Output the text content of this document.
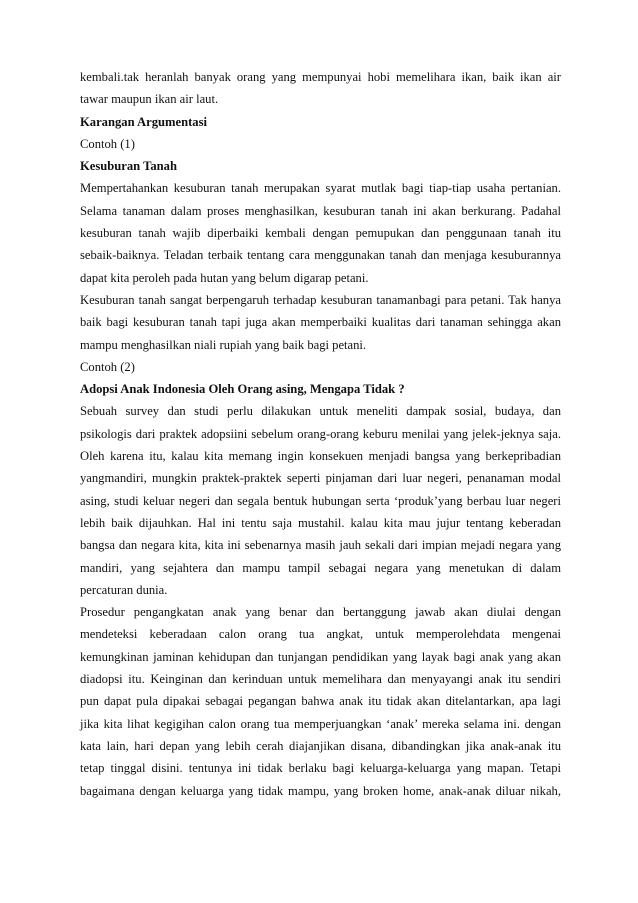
kembali.tak heranlah banyak orang yang mempunyai hobi memelihara ikan, baik ikan air
tawar maupun ikan air laut.
Karangan Argumentasi
Contoh (1)
Kesuburan Tanah
Mempertahankan kesuburan tanah merupakan syarat mutlak bagi tiap-tiap usaha pertanian.
Selama tanaman dalam proses menghasilkan, kesuburan tanah ini akan berkurang. Padahal
kesuburan tanah wajib diperbaiki kembali dengan pemupukan dan penggunaan tanah itu
sebaik-baiknya. Teladan terbaik tentang cara menggunakan tanah dan menjaga kesuburannya
dapat kita peroleh pada hutan yang belum digarap petani.
Kesuburan tanah sangat berpengaruh terhadap kesuburan tanamanbagi para petani. Tak hanya
baik bagi kesuburan tanah tapi juga akan memperbaiki kualitas dari tanaman sehingga akan
mampu menghasilkan niali rupiah yang baik bagi petani.
Contoh (2)
Adopsi Anak Indonesia Oleh Orang asing, Mengapa Tidak ?
Sebuah survey dan studi perlu dilakukan untuk meneliti dampak sosial, budaya, dan
psikologis dari praktek adopsiini sebelum orang-orang keburu menilai yang jelek-jeknya saja.
Oleh karena itu, kalau kita memang ingin konsekuen menjadi bangsa yang berkepribadian
yangmandiri, mungkin praktek-praktek seperti pinjaman dari luar negeri, penanaman modal
asing, studi keluar negeri dan segala bentuk hubungan serta ‘produk’yang berbau luar negeri
lebih baik dijauhkan. Hal ini tentu saja mustahil. kalau kita mau jujur tentang keberadan
bangsa dan negara kita, kita ini sebenarnya masih jauh sekali dari impian mejadi negara yang
mandiri, yang sejahtera dan mampu tampil sebagai negara yang menetukan di dalam
percaturan dunia.
Prosedur pengangkatan anak yang benar dan bertanggung jawab akan diulai dengan
mendeteksi keberadaan calon orang tua angkat, untuk memperolehdata mengenai
kemungkinan jaminan kehidupan dan tunjangan pendidikan yang layak bagi anak yang akan
diadopsi itu. Keinginan dan kerinduan untuk memelihara dan menyayangi anak itu sendiri
pun dapat pula dipakai sebagai pegangan bahwa anak itu tidak akan ditelantarkan, apa lagi
jika kita lihat kegigihan calon orang tua memperjuangkan ‘anak’ mereka selama ini. dengan
kata lain, hari depan yang lebih cerah diajanjikan disana, dibandingkan jika anak-anak itu
tetap tinggal disini. tentunya ini tidak berlaku bagi keluarga-keluarga yang mapan. Tetapi
bagaimana dengan keluarga yang tidak mampu, yang broken home, anak-anak diluar nikah,
